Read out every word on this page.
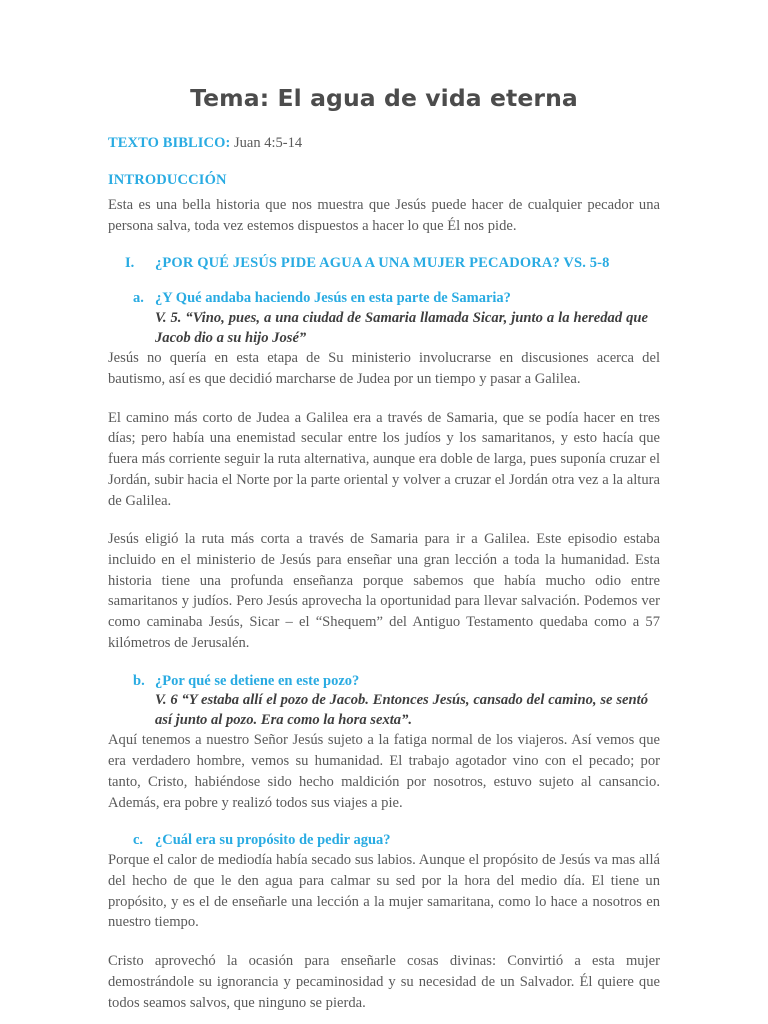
Tema: El agua de vida eterna

TEXTO BIBLICO: Juan 4:5-14

INTRODUCCIÓN

Esta es una bella historia que nos muestra que Jesús puede hacer de cualquier pecador una persona salva, toda vez estemos dispuestos a hacer lo que Él nos pide.

I.	¿POR QUÉ JESÚS PIDE AGUA A UNA MUJER PECADORA? VS. 5-8
a. ¿Y Qué andaba haciendo Jesús en esta parte de Samaria?

V. 5. “Vino, pues, a una ciudad de Samaria llamada Sicar, junto a la heredad que Jacob dio a su hijo José”

Jesús no quería en esta etapa de Su ministerio involucrarse en discusiones acerca del bautismo, así es que decidió marcharse de Judea por un tiempo y pasar a Galilea.

El camino más corto de Judea a Galilea era a través de Samaria, que se podía hacer en tres días; pero había una enemistad secular entre los judíos y los samaritanos, y esto hacía que fuera más corriente seguir la ruta alternativa, aunque era doble de larga, pues suponía cruzar el Jordán, subir hacia el Norte por la parte oriental y volver a cruzar el Jordán otra vez a la altura de Galilea.

Jesús eligió la ruta más corta a través de Samaria para ir a Galilea. Este episodio estaba incluido en el ministerio de Jesús para enseñar una gran lección a toda la humanidad. Esta historia tiene una profunda enseñanza porque sabemos que había mucho odio entre samaritanos y judíos. Pero Jesús aprovecha la oportunidad para llevar salvación. Podemos ver como caminaba Jesús, Sicar – el “Shequem” del Antiguo Testamento quedaba como a 57 kilómetros de Jerusalén.

b. ¿Por qué se detiene en este pozo?

V. 6 “Y estaba allí el pozo de Jacob. Entonces Jesús, cansado del camino, se sentó así junto al pozo. Era como la hora sexta”.

Aquí tenemos a nuestro Señor Jesús sujeto a la fatiga normal de los viajeros. Así vemos que era verdadero hombre, vemos su humanidad. El trabajo agotador vino con el pecado; por tanto, Cristo, habiéndose sido hecho maldición por nosotros, estuvo sujeto al cansancio. Además, era pobre y realizó todos sus viajes a pie.

c. ¿Cuál era su propósito de pedir agua?

Porque el calor de mediodía había secado sus labios. Aunque el propósito de Jesús va mas allá del hecho de que le den agua para calmar su sed por la hora del medio día. El tiene un propósito, y es el de enseñarle una lección a la mujer samaritana, como lo hace a nosotros en nuestro tiempo.

Cristo aprovechó la ocasión para enseñarle cosas divinas: Convirtió a esta mujer demostrándole su ignorancia y pecaminosidad y su necesidad de un Salvador. Él quiere que todos seamos salvos, que ninguno se pierda.
